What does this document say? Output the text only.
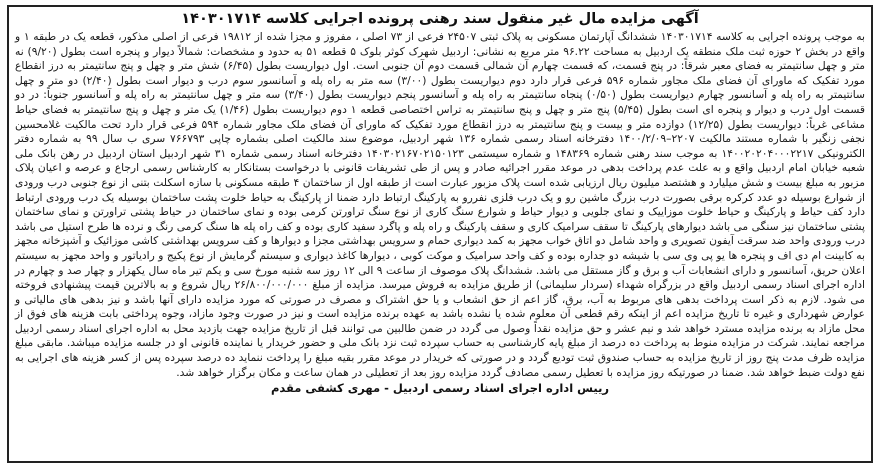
آگهی مزایده مال غیر منقول سند رهنی پرونده اجرایی کلاسه ۱۴۰۳۰۱۷۱۴
به موجب پرونده اجرایی به کلاسه ۱۴۰۳۰۱۷۱۴ ششدانگ آپارتمان مسکونی به پلاک ثبتی ۲۴۵۰۷ فرعی از ۷۳ اصلی ، مفروز و مجزا شده از ۱۹۸۱۲ فرعی از اصلی مذکور، قطعه یک در طبقه ۱ و واقع در بخش ۲ حوزه ثبت ملک منطقه یک اردبیل به مساحت ۹۶.۲۲ متر مربع به نشانی: اردبیل شهرک کوثر بلوک ۵ قطعه ۵۱ به حدود و مشخصات: شمالاً دیوار و پنجره است بطول (۹/۲۰) نه متر و چهل سانتیمتر به فضای معبر شرقاً: در پنج قسمت، که قسمت چهارم آن شمالی قسمت دوم آن جنوبی است. اول دیواریست بطول (۶/۴۵) شش متر و چهل و پنج سانتیمتر به درز انقطاع مورد تفکیک که ماورای آن فضای ملک مجاور شماره ۵۹۶ فرعی قرار دارد دوم دیواریست بطول (۳/۰۰) سه متر به راه پله و آسانسور سوم درب و دیوار است بطول (۲/۴۰) دو متر و چهل سانتیمتر به راه پله و آسانسور چهارم دیواریست بطول (۰/۵۰) پنجاه سانتیمتر به راه پله و آسانسور پنجم دیواریست بطول (۳/۴۰) سه متر و چهل سانتیمتر به راه پله و آسانسور جنوباً: در دو قسمت اول درب و دیوار و پنجره ای است بطول (۵/۴۵) پنج متر و چهل و پنج سانتیمتر به تراس اختصاصی قطعه ۱ دوم دیواریست بطول (۱/۴۶) یک متر و چهل و پنج سانتیمتر به فضای حیاط مشاعی غرباً: دیواریست بطول (۱۲/۲۵) دوازده متر و بیست و پنج سانتیمتر به درز انقطاع مورد تفکیک که ماورای آن فضای ملک مجاور شماره ۵۹۴ فرعی قرار دارد تحت مالکیت غلامحسین نجفی زنگیر با شماره مستند مالکیت ۲۲۰۷–۱۴۰۰/۲/۰۹ دفترخانه اسناد رسمی شماره ۱۳۶ شهر اردبیل، موضوع سند مالکیت اصلی بشماره چاپی ۷۶۶۷۹۳ سری ب سال ۹۹ به شماره دفتر الکترونیکی ۱۴۰۰۲۰۲۰۴۰۰۰۲۲۱۷ به موجب سند رهنی شماره ۱۴۸۳۶۹ و شماره سیستمی ۱۴۰۳۰۲۱۶۷۰۲۱۵۰۱۲۳ دفترخانه اسناد رسمی شماره ۳۱ شهر اردبیل استان اردبیل در رهن بانک ملی شعبه خیابان امام اردبیل واقع و به علت عدم پرداخت بدهی در موعد مقرر اجرائیه صادر و پس از طی تشریفات قانونی با درخواست بستانکار به کارشناس رسمی ارجاع و عرصه و اعیان پلاک مزبور به مبلغ بیست و شش میلیارد و هشتصد میلیون ریال ارزیابی شده است پلاک مزبور عبارت است از طبقه اول از ساختمان ۴ طبقه مسکونی با سازه اسکلت بتنی از نوع جنوبی درب ورودی از شوارع بوسیله دو عدد کرکره برقی بصورت درب بزرگ ماشین رو و یک درب فلزی نفررو به پارکینگ ارتباط دارد ضمنا از پارکینگ به حیاط خلوت پشت ساختمان بوسیله یک درب ورودی ارتباط دارد کف حیاط و پارکینگ و حیاط خلوت موزاییک و نمای جلویی و دیوار حیاط و شوارع سنگ کاری از نوع سنگ تراورتن کرمی بوده و نمای ساختمان در حیاط پشتی تراورتن و نمای ساختمان پشتی ساختمان نیز سنگی می باشد دیوارهای پارکینگ تا سقف سرامیک کاری و سقف پارکینگ و راه پله و پاگرد سفید کاری بوده و کف راه پله ها سنگ کرمی رنگ و نرده ها طرح استیل می باشد درب ورودی واحد ضد سرقت آیفون تصویری و واحد شامل دو اتاق خواب مجهز به کمد دیواری حمام و سرویس بهداشتی مجزا و دیوارها و کف سرویس بهداشتی کاشی موزائیک و آشپزخانه مجهز به کابینت ام دی اف و پنجره ها یو پی وی سی با شیشه دو جداره بوده و کف واحد سرامیک و موکت کوبی ، دیوارها کاغذ دیواری و سیستم گرمایش از نوع پکیج و رادیاتور و واحد مجهز به سیستم اعلان حریق، آسانسور و دارای انشعابات آب و برق و گاز مستقل می باشد. ششدانگ پلاک موصوف از ساعت ۹ الی ۱۲ روز سه شنبه مورخ سی و یکم تیر ماه سال یکهزار و چهار صد و چهارم در اداره اجرای اسناد رسمی اردبیل واقع در بزرگراه شهداء (سردار سلیمانی) از طریق مزایده به فروش میرسد. مزایده از مبلغ ۲۶/۸۰۰/۰۰۰/۰۰۰ ریال شروع و به بالاترین قیمت پیشنهادی فروخته می شود. لازم به ذکر است پرداخت بدهی های مربوط به آب، برق، گاز اعم از حق انشعاب و یا حق اشتراک و مصرف در صورتی که مورد مزایده دارای آنها باشد و نیز بدهی های مالیاتی و عوارض شهرداری و غیره تا تاریخ مزایده اعم از اینکه رقم قطعی آن معلوم شده یا نشده باشد به عهده برنده مزایده است و نیز در صورت وجود مازاد، وجوه پرداختی بابت هزینه های فوق از محل مازاد به برنده مزایده مسترد خواهد شد و نیم عشر و حق مزایده نقداً وصول می گردد در ضمن طالبین می توانند قبل از تاریخ مزایده جهت بازدید محل به اداره اجرای اسناد رسمی اردبیل مراجعه نمایند. شرکت در مزایده منوط به پرداخت ده درصد از مبلغ پایه کارشناسی به حساب سپرده ثبت نزد بانک ملی و حضور خریدار یا نماینده قانونی او در جلسه مزایده میباشد. مابقی مبلغ مزایده ظرف مدت پنج روز از تاریخ مزایده به حساب صندوق ثبت تودیع گردد و در صورتی که خریدار در موعد مقرر بقیه مبلغ را پرداخت ننماید ده درصد سپرده پس از کسر هزینه های اجرایی به نفع دولت ضبط خواهد شد. ضمنا در صورتیکه روز مزایده با تعطیل رسمی مصادف گردد مزایده روز بعد از تعطیلی در همان ساعت و مکان برگزار خواهد شد.
رییس اداره اجرای اسناد رسمی اردبیل - مهری کشفی مقدم
